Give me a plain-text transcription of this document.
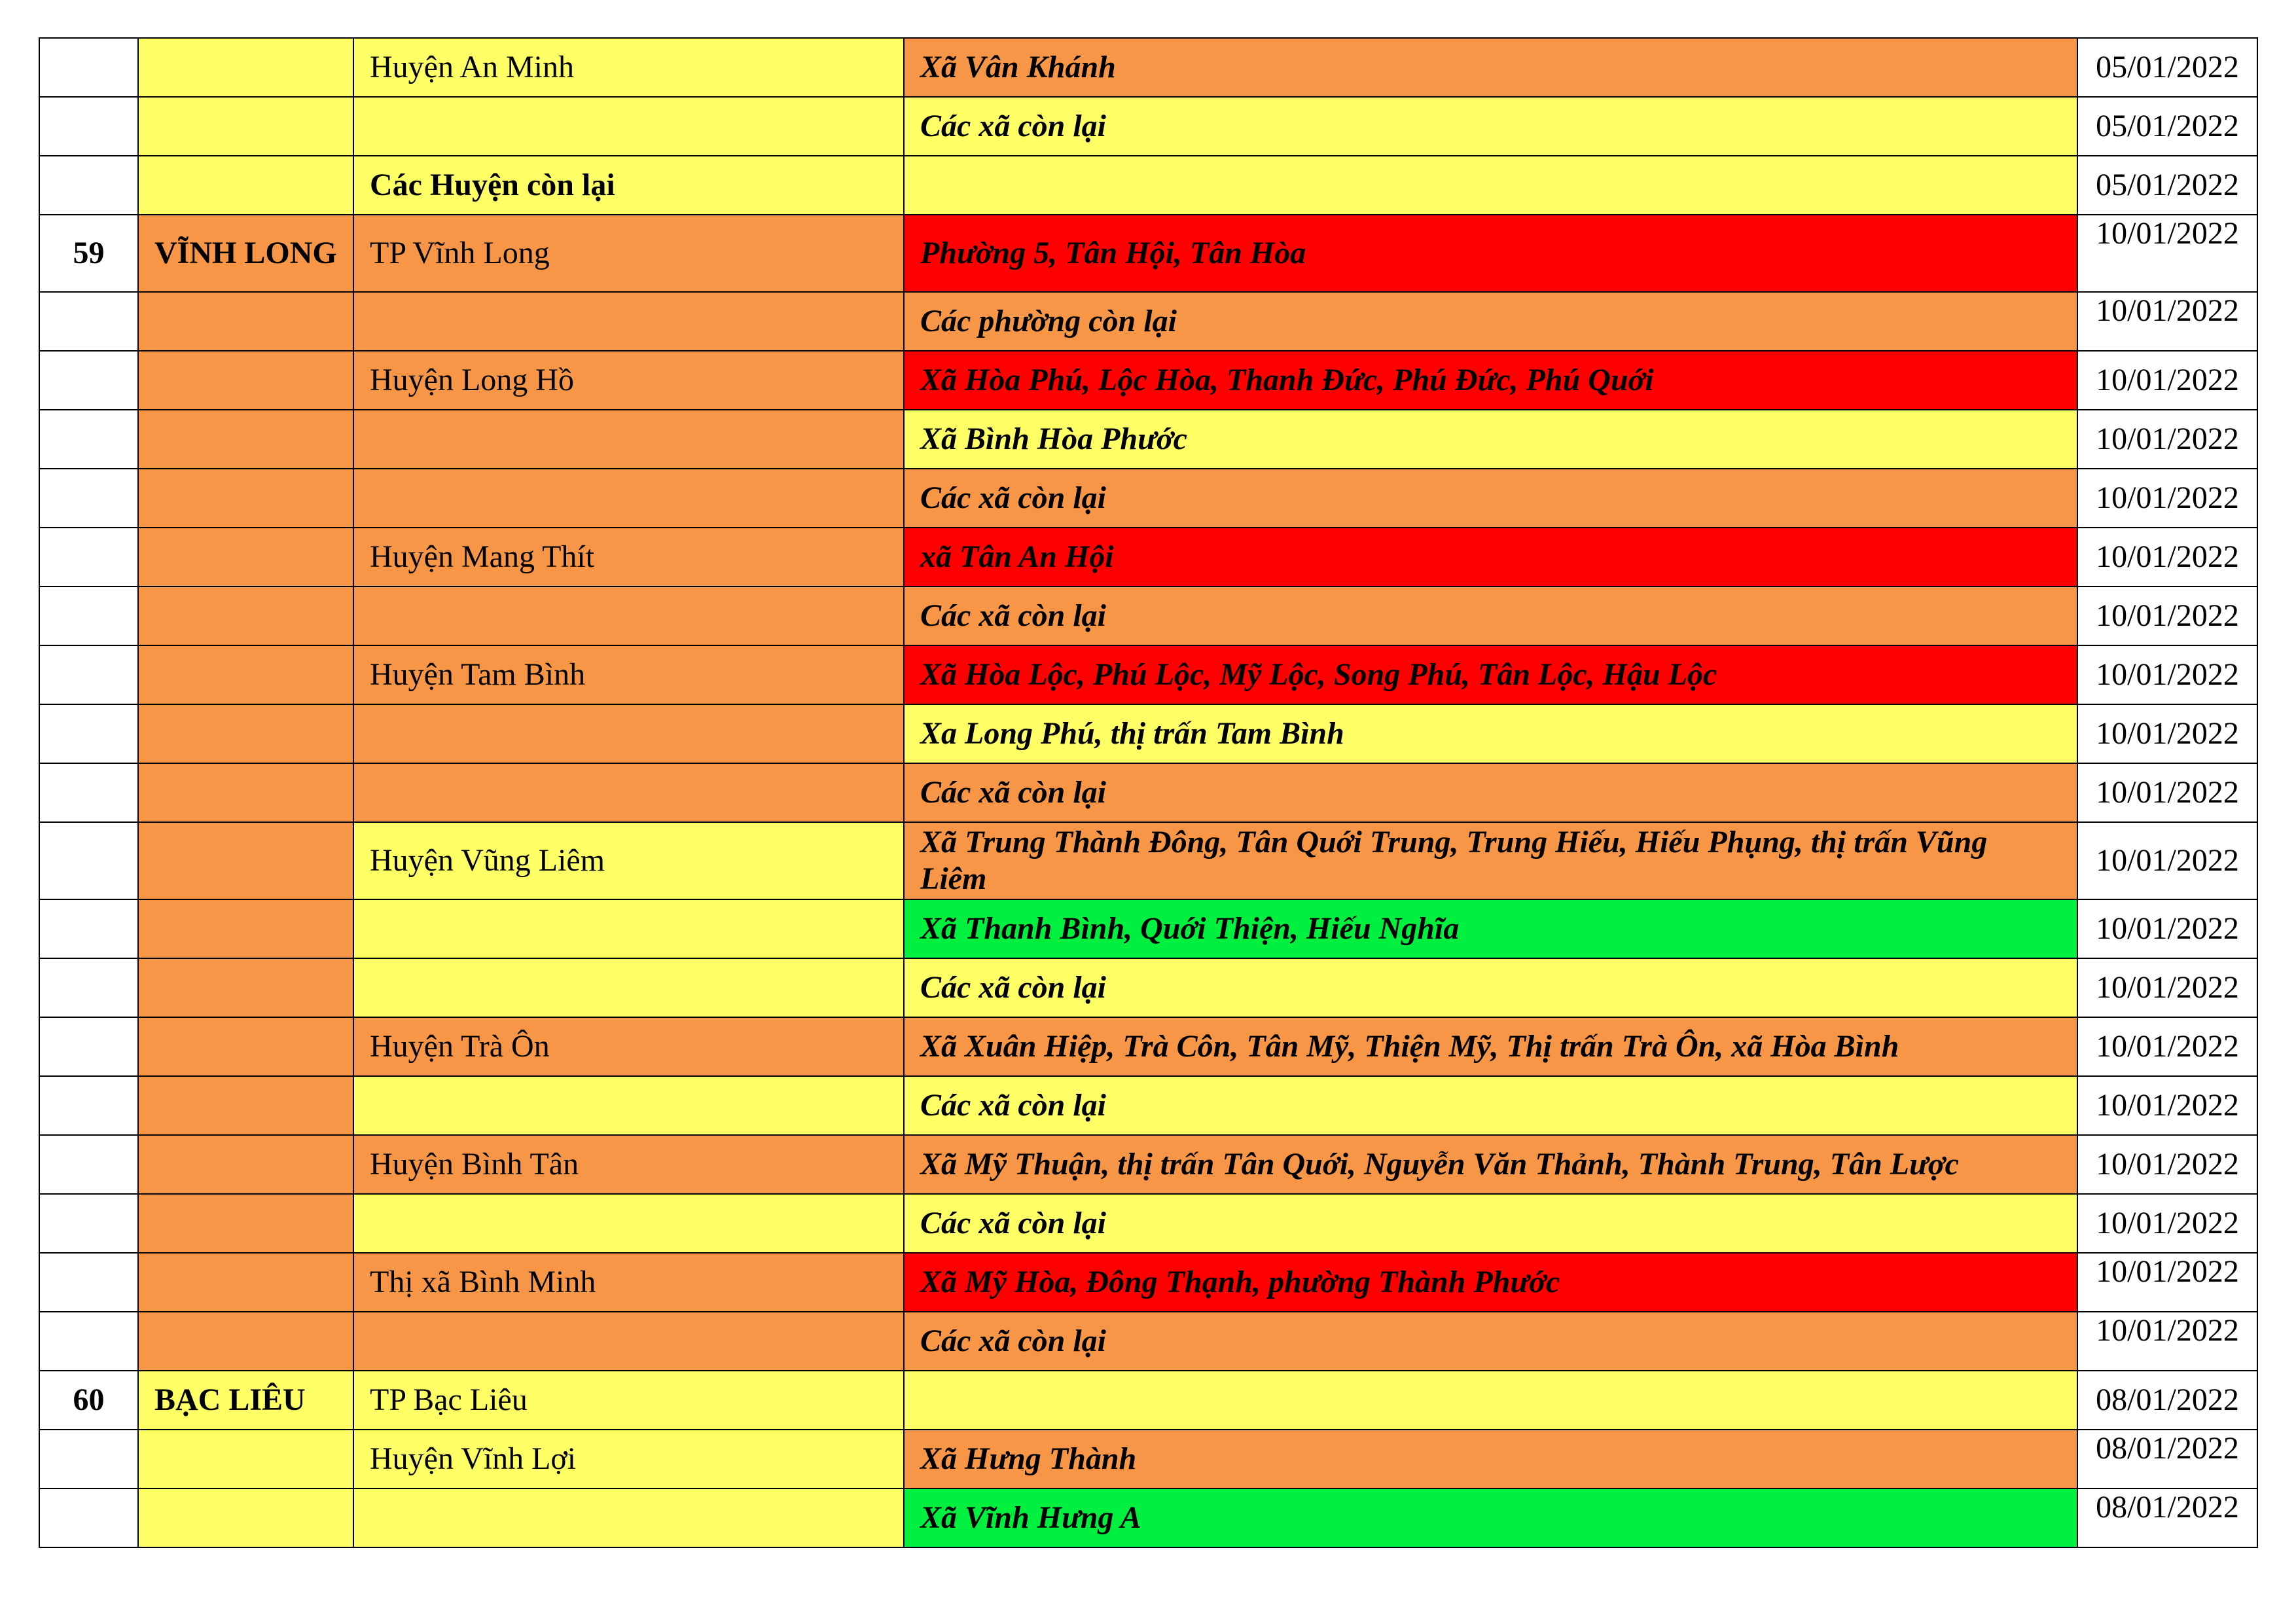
		Huyện An Minh	Xã Vân Khánh	05/01/2022
			Các xã còn lại	05/01/2022
		Các Huyện còn lại		05/01/2022
59	VĨNH LONG	TP Vĩnh Long	Phường 5, Tân Hội, Tân Hòa	10/01/2022
			Các phường còn lại	10/01/2022
		Huyện Long Hồ	Xã Hòa Phú, Lộc Hòa, Thanh Đức, Phú Đức, Phú Quới	10/01/2022
			Xã Bình Hòa Phước	10/01/2022
			Các xã còn lại	10/01/2022
		Huyện Mang Thít	xã Tân An Hội	10/01/2022
			Các xã còn lại	10/01/2022
		Huyện Tam Bình	Xã Hòa Lộc, Phú Lộc, Mỹ Lộc, Song Phú, Tân Lộc, Hậu Lộc	10/01/2022
			Xa Long Phú, thị trấn Tam Bình	10/01/2022
			Các xã còn lại	10/01/2022
		Huyện Vũng Liêm	Xã Trung Thành Đông, Tân Quới Trung, Trung Hiếu, Hiếu Phụng, thị trấn Vũng Liêm	10/01/2022
			Xã Thanh Bình, Quới Thiện, Hiếu Nghĩa	10/01/2022
			Các xã còn lại	10/01/2022
		Huyện Trà Ôn	Xã Xuân Hiệp, Trà Côn, Tân Mỹ, Thiện Mỹ, Thị trấn Trà Ôn, xã Hòa Bình	10/01/2022
			Các xã còn lại	10/01/2022
		Huyện Bình Tân	Xã Mỹ Thuận, thị trấn Tân Quới, Nguyễn Văn Thảnh, Thành Trung, Tân Lược	10/01/2022
			Các xã còn lại	10/01/2022
		Thị xã Bình Minh	Xã Mỹ Hòa, Đông Thạnh, phường Thành Phước	10/01/2022
			Các xã còn lại	10/01/2022
60	BẠC LIÊU	TP Bạc Liêu		08/01/2022
		Huyện Vĩnh Lợi	Xã Hưng Thành	08/01/2022
			Xã Vĩnh Hưng A	08/01/2022
